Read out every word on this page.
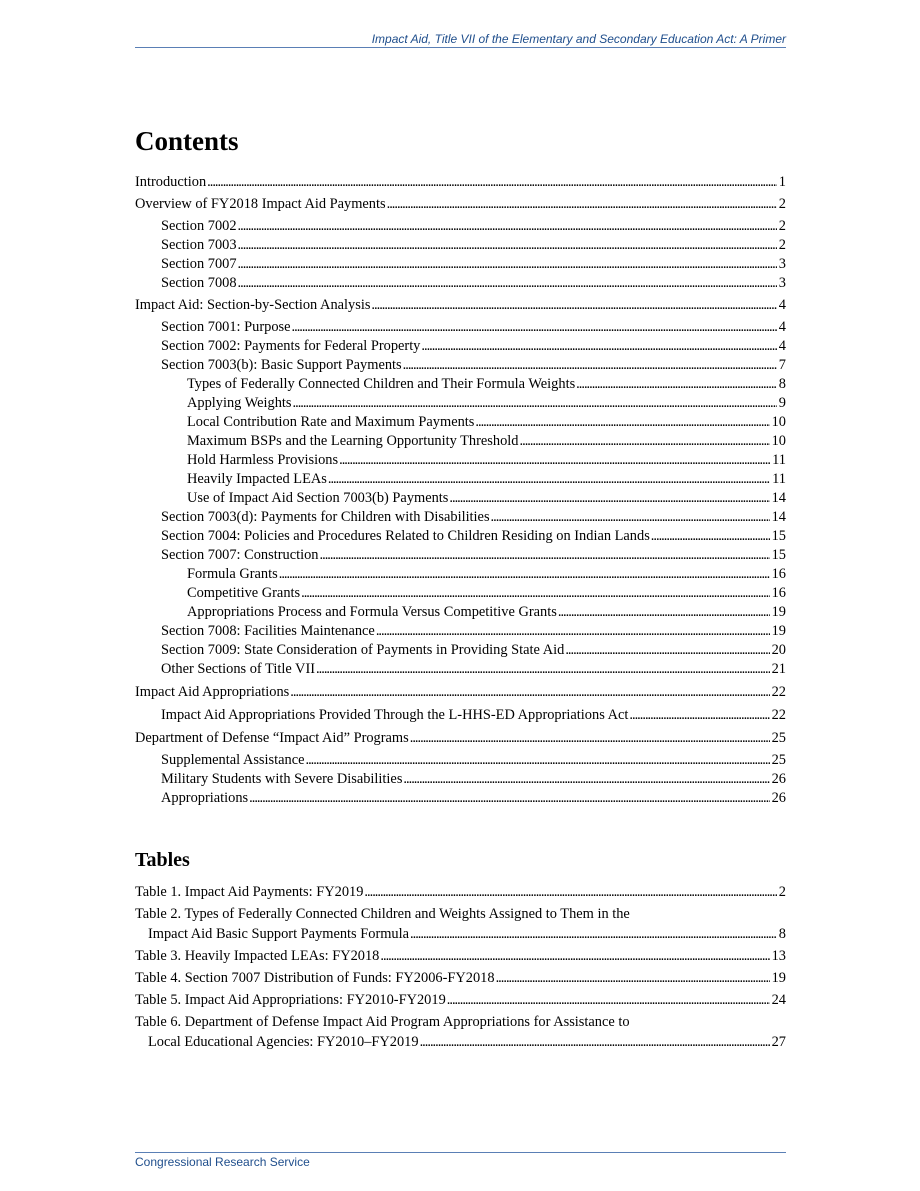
Impact Aid, Title VII of the Elementary and Secondary Education Act: A Primer
Contents
Introduction . . .	1
Overview of FY2018 Impact Aid Payments . . .	2
Section 7002 . . .	2
Section 7003 . . .	2
Section 7007 . . .	3
Section 7008 . . .	3
Impact Aid: Section-by-Section Analysis . . .	4
Section 7001: Purpose . . .	4
Section 7002: Payments for Federal Property . . .	4
Section 7003(b): Basic Support Payments . . .	7
Types of Federally Connected Children and Their Formula Weights . . .	8
Applying Weights . . .	9
Local Contribution Rate and Maximum Payments . . .	10
Maximum BSPs and the Learning Opportunity Threshold . . .	10
Hold Harmless Provisions . . .	11
Heavily Impacted LEAs . . .	11
Use of Impact Aid Section 7003(b) Payments . . .	14
Section 7003(d): Payments for Children with Disabilities . . .	14
Section 7004: Policies and Procedures Related to Children Residing on Indian Lands . . .	15
Section 7007: Construction . . .	15
Formula Grants . . .	16
Competitive Grants . . .	16
Appropriations Process and Formula Versus Competitive Grants . . .	19
Section 7008: Facilities Maintenance . . .	19
Section 7009: State Consideration of Payments in Providing State Aid . . .	20
Other Sections of Title VII . . .	21
Impact Aid Appropriations . . .	22
Impact Aid Appropriations Provided Through the L-HHS-ED Appropriations Act . . .	22
Department of Defense “Impact Aid” Programs . . .	25
Supplemental Assistance . . .	25
Military Students with Severe Disabilities . . .	26
Appropriations . . .	26
Tables
Table 1. Impact Aid Payments: FY2019 . . .	2
Table 2. Types of Federally Connected Children and Weights Assigned to Them in the
Impact Aid Basic Support Payments Formula . . .	8
Table 3. Heavily Impacted LEAs: FY2018 . . .	13
Table 4. Section 7007 Distribution of Funds: FY2006-FY2018 . . .	19
Table 5. Impact Aid Appropriations: FY2010-FY2019 . . .	24
Table 6. Department of Defense Impact Aid Program Appropriations for Assistance to
Local Educational Agencies: FY2010–FY2019 . . .	27
Congressional Research Service
